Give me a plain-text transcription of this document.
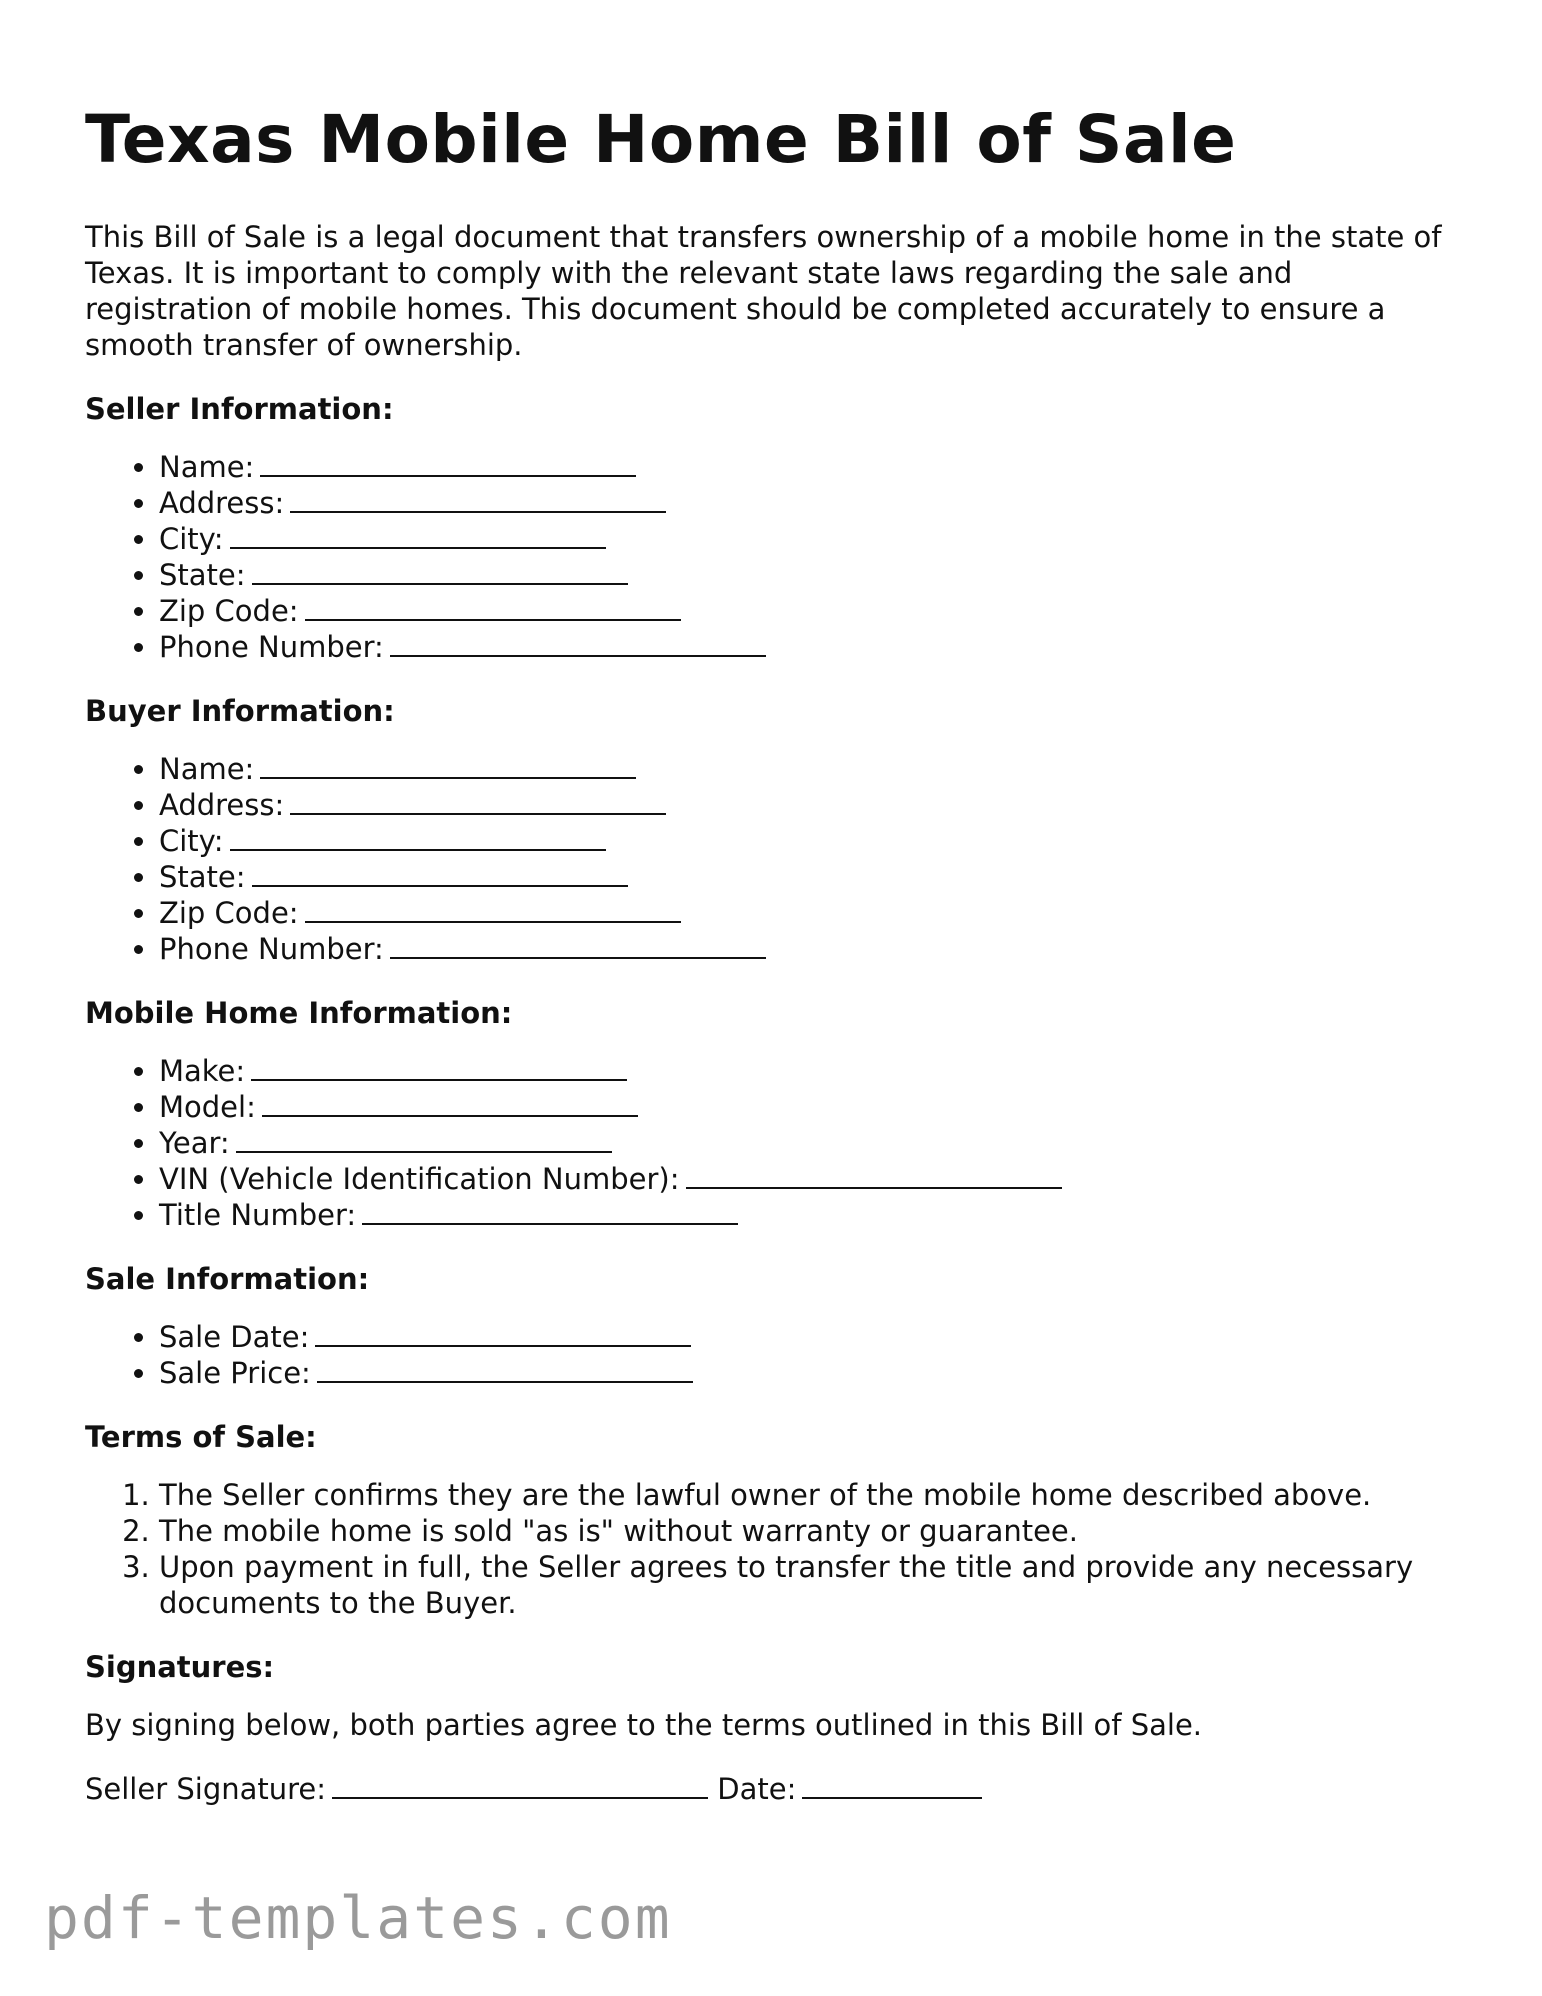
Texas Mobile Home Bill of Sale

This Bill of Sale is a legal document that transfers ownership of a mobile home in the state of Texas. It is important to comply with the relevant state laws regarding the sale and registration of mobile homes. This document should be completed accurately to ensure a smooth transfer of ownership.

Seller Information:
• Name:
• Address:
• City:
• State:
• Zip Code:
• Phone Number:
Buyer Information:
• Name:
• Address:
• City:
• State:
• Zip Code:
• Phone Number:
Mobile Home Information:
• Make:
• Model:
• Year:
• VIN (Vehicle Identification Number):
• Title Number:
Sale Information:
• Sale Date:
• Sale Price:
Terms of Sale:
1. The Seller confirms they are the lawful owner of the mobile home described above.
2. The mobile home is sold "as is" without warranty or guarantee.
3. Upon payment in full, the Seller agrees to transfer the title and provide any necessary documents to the Buyer.
Signatures:

By signing below, both parties agree to the terms outlined in this Bill of Sale.

Seller Signature:	Date:

pdf-templates.com
